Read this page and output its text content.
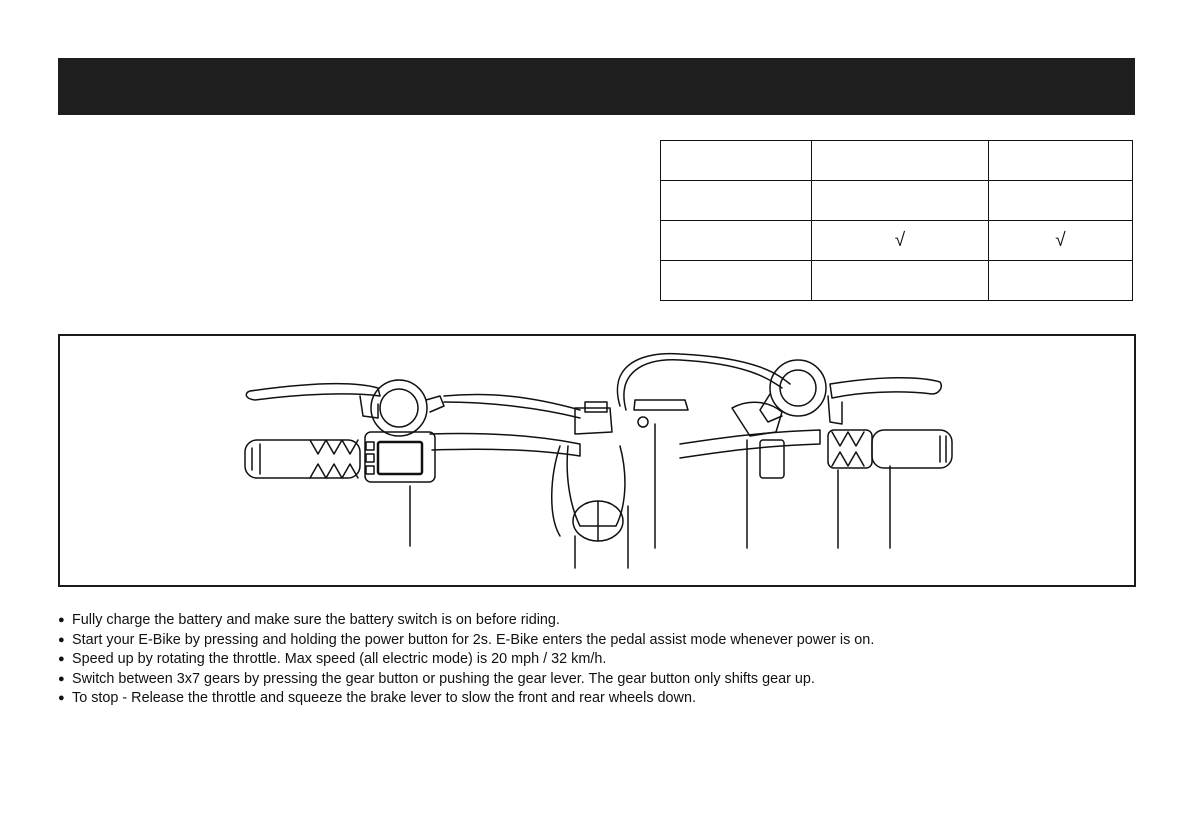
	√	√

● Fully charge the battery and make sure the battery switch is on before riding.
● Start your E-Bike by pressing and holding the power button for 2s. E-Bike enters the pedal assist mode whenever power is on.
● Speed up by rotating the throttle. Max speed (all electric mode) is 20 mph / 32 km/h.
● Switch between 3x7 gears by pressing the gear button or pushing the gear lever. The gear button only shifts gear up.
● To stop - Release the throttle and squeeze the brake lever to slow the front and rear wheels down.
